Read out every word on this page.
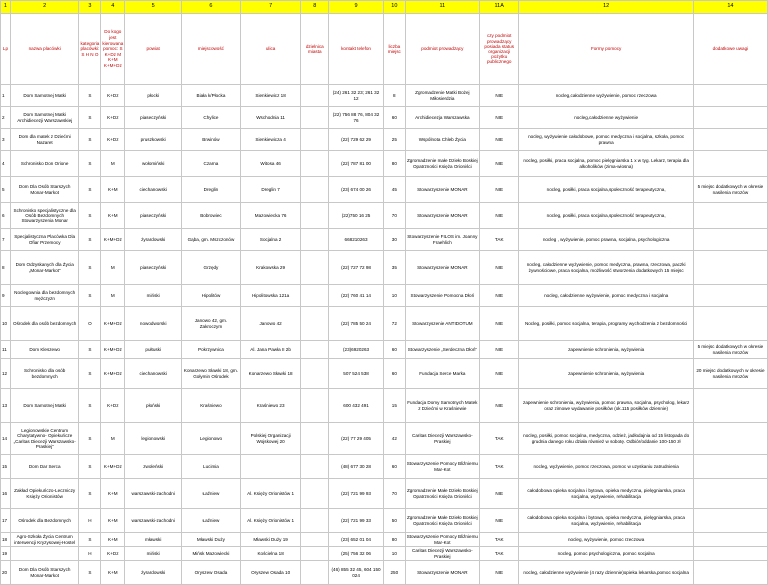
1	2	3	4	5	6	7	8	9	10	11	11A	12	14
Lp	nazwa placówki	kategoria placówki: S H N O	Do kogo jest kierowana pomoc: S K+Dz M K+M K+M+Dz	powiat	miejscowość	ulica	dzielnica miasta	kontakt telefon	liczba miejsc	podmiot prowadzący	czy podmiot prowadzący posiada status organizacji pożytku publicznego	Formy pomocy	dodatkowe uwagi
1	Dom Samotnej Matki	S	K+Dz	płocki	Biała k/Płocka	Sienkiewicz 18		(24) 261 32 23; 261 32 12	8	Zgromadzenie Matki Bożej Miłosierdzia	NIE	nocleg,całodzienne wyżywienie, pomoc rzeczowa	
2	Dom Samotnej Matki Archidiecezji Warszawskiej	S	K+Dz	piaseczyński	Chylice	Wschodnia 11		(22) 756 88 76, 804 32 76	60	Archidiecezja Warszawska	NIE	nocleg,całodzienne wyżywienie	
3	Dom dla matek z Dziećmi Nazaret	S	K+Dz	pruszkowski	Brwinów	Sienkiewicza 4		(22) 729 62 29	25	Wspólnota Chleb Życia	NIE	nocleg, wyżywienie całodobowe, pomoc medyczna i socjalna, szkoła, pomoc prawna	
4	Schronisko Don Orione	S	M	wołomiński	Czarna	Witosa 46		(22) 787 81 00	80	Zgromadzenie małe Dzieło Boskiej Opatrzności Księża Orioniści	NIE	nocleg, posiłki, praca socjalna, pomoc pielęgniarska 1 x w tyg. Lekarz, terapia dla alkoholików (zima-wiosna)	
5	Dom Dla Osób Starszych Monar-Markot	S	K+M	ciechanowski	Dreglin	Dreglin 7		(23) 674 00 26	45	Stowarzyszenie MONAR	NIE	nocleg, posiłki, praca socjalna,społeczność terapeutyczna,	5 miejsc dodatkowych w okresie nasilenia mrozów
6	Schronisko specjalistyczne dla Osób Bezdomnych Stowarzyszenia Monar	S	K+M	piaseczyński	Bobrowiec	Mazowiecka 76		(22)750 16 25	70	Stowarzyszenie MONAR	NIE	nocleg, posiłki, praca socjalna,społeczność terapeutyczna,	
7	Specjalistyczna Placówka Dla Ofiar Przemocy	S	K+M+Dz	żyrardowski	Gąba, gm. Mszczonów	Socjalna 2		668210263	30	Stowarzyszenie FILOS im. Joanny Fraehlich	TAK	nocleg , wyżywienie, pomoc prawna, socjalna, psychologiczna	
8	Dom Odzyskanych dla Życia „Monar-Markot”	S	M	piaseczyński	Grzędy	Krakowska 29		(22) 727 72 98	35	Stowarzyszenie MONAR	NIE	nocleg, całodzienne wyżywienie, pomoc medyczna, prawna, rzeczowa, paczki żywnościowe, praca socjalna, możliwość stworzenia dodatkowych 15 miejsc	
9	Noclegownia dla bezdomnych mężczyzn	S	M	miński	Hipolitów	Hipolitowska 121a		(22) 760 41 14	10	Stowarzyszenie Pomocna Dłoń	NIE	nocleg, całodzienne wyżywienie, pomoc medyczna i socjalna	
10	Ośrodek dla osób bezdomnych	O	K+M+Dz	nowodworski	Janowo 42, gm. Zakroczym	Janowo 42		(22) 785 50 24	72	Stowarzyszenie ANTIDOTUM	NIE	Nocleg, posiłki, pomoc socjalna, terapia, programy wychodzenia z bezdomności	
11	Dom Kleszewo	S	K+M+Dz	pułtuski	Pokrzywnica	Al. Jana Pawła II 2b		(23)6920263	60	Stowarzyszenie „Serdeczna Dłoń”	NIE	zapewnienie schronienia, wyżywienia	5 miejsc dodatkowych w okresie nasilenia mrozów
12	Schronisko dla osób bezdomnych	S	K+M+Dz	ciechanowski	Konarzewo Sławki 18, gm. Gołymin Ośrodek	Konarzewo Sławki 18		507 524 538	60	Fundacja Serce Marka	NIE	zapewnienie schronienia, wyżywienia	20 miejsc dodatkowych w okresie nasilenia mrozów
13	Dom Samotnej Matki	S	K+Dz	płoński	Kraśniewo	Kraśniewo 23		600 432 491	15	Fundacja Domy Samotnych Matek z Dziećmi w Kraśniewie	NIE	zapewnienie schronienia, wyżywienia, pomoc prawna, socjalna, psycholog, lekarz oraz zimowe wydawanie posiłków (ok.115 posiłków dziennie)	
14	Legionowskie Centrum Charytatywno- Opiekuńcze „Caritas Diecezji Warszawsko-Praskiej”	S	M	legionowski	Legionowo	Polskiej Organizacji Wojskowej 20		(22) 77 29 405	42	Caritas Diecezji Warszawsko-Praskiej	TAK	nocleg, posiłki, pomoc socjalna, medyczna, odzież, jadłodajnia od 15 listopada do grudnia danego roku działa również w sobotę. Odbiór/oddanie 100-150 zł	
15	Dom Dar Serca	S	K+M+Dz	zwoleński	Lucimia			(48) 677 30 28	60	Stowarzyszenie Pomocy Bliźniemu Mar-Kot	TAK	nocleg, wyżywienie, pomoc rzeczowa, pomoc w uzyskaniu zatrudnienia	
16	Zakład Opiekuńczo-Leczniczy Księży Orionistów	S	K+M	warszawski-zachodni	Łaźniew	Al. Księży Orionistów 1		(22) 721 99 93	70	Zgromadzenie Małe Dzieło Boskiej Opatrzności Księża Orioniści	NIE	całodobowa opieka socjalna i bytowa, opieka medyczna, pielęgniarska, praca socjalna, wyżywienie, rehabilitacja	
17	Ośrodek dla Bezdomnych	H	K+M	warszawski-zachodni	Łaźniew	Al. Księży Orionistów 1		(22) 721 99 33	50	Zgromadzenie Małe Dzieło Boskiej Opatrzności Księża Orioniści	NIE	całodobowa opieka socjalna i bytowa, opieka medyczna, pielęgniarska, praca socjalna, wyżywienie, rehabilitacja	
18	Agro-Szkoła Życia Centrum interwencji Kryzysowej-Hostel	S	K+M	mławski	Mławski Duży	Mławski Duży 19		(23) 652 01 04	80	Stowarzyszenie Pomocy Bliźniemu Mar-Kot	TAK	nocleg, wyżywienie, pomoc rzeczowa	
19		H	K+Dz	miński	Mińsk Mazowiecki	Kościelna 18		(25) 756 32 06	10	Caritas Diecezji Warszawsko-Praskiej	TAK	nocleg, pomoc psychologiczna, pomoc socjalna	
20	Dom Dla Osób Starszych Monar-Markot	S	K+M	żyrardowski	Oryszew Osada	Oryszew Osada 10		(46) 855 32 45, 604 150 024	250	Stowarzyszenie MONAR	NIE	nocleg, całodzienne wyżywienie (4 razy dziennie)opieka lekarska,pomoc socjalna	
